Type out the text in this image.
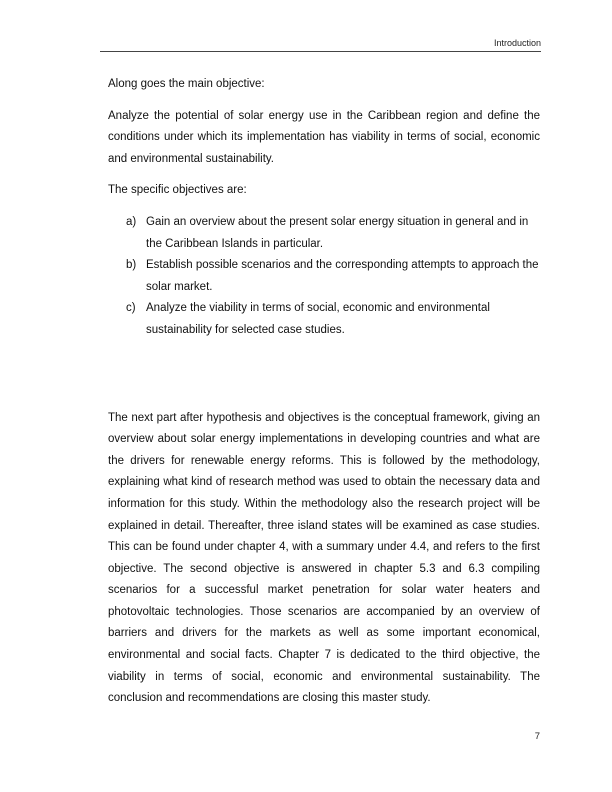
Introduction

Along goes the main objective:

Analyze the potential of solar energy use in the Caribbean region and define the conditions under which its implementation has viability in terms of social, economic and environmental sustainability.

The specific objectives are:

a) Gain an overview about the present solar energy situation in general and in the Caribbean Islands in particular.
b) Establish possible scenarios and the corresponding attempts to approach the solar market.
c) Analyze the viability in terms of social, economic and environmental sustainability for selected case studies.

The next part after hypothesis and objectives is the conceptual framework, giving an overview about solar energy implementations in developing countries and what are the drivers for renewable energy reforms. This is followed by the methodology, explaining what kind of research method was used to obtain the necessary data and information for this study. Within the methodology also the research project will be explained in detail. Thereafter, three island states will be examined as case studies. This can be found under chapter 4, with a summary under 4.4, and refers to the first objective. The second objective is answered in chapter 5.3 and 6.3 compiling scenarios for a successful market penetration for solar water heaters and photovoltaic technologies. Those scenarios are accompanied by an overview of barriers and drivers for the markets as well as some important economical, environmental and social facts. Chapter 7 is dedicated to the third objective, the viability in terms of social, economic and environmental sustainability. The conclusion and recommendations are closing this master study.

7
